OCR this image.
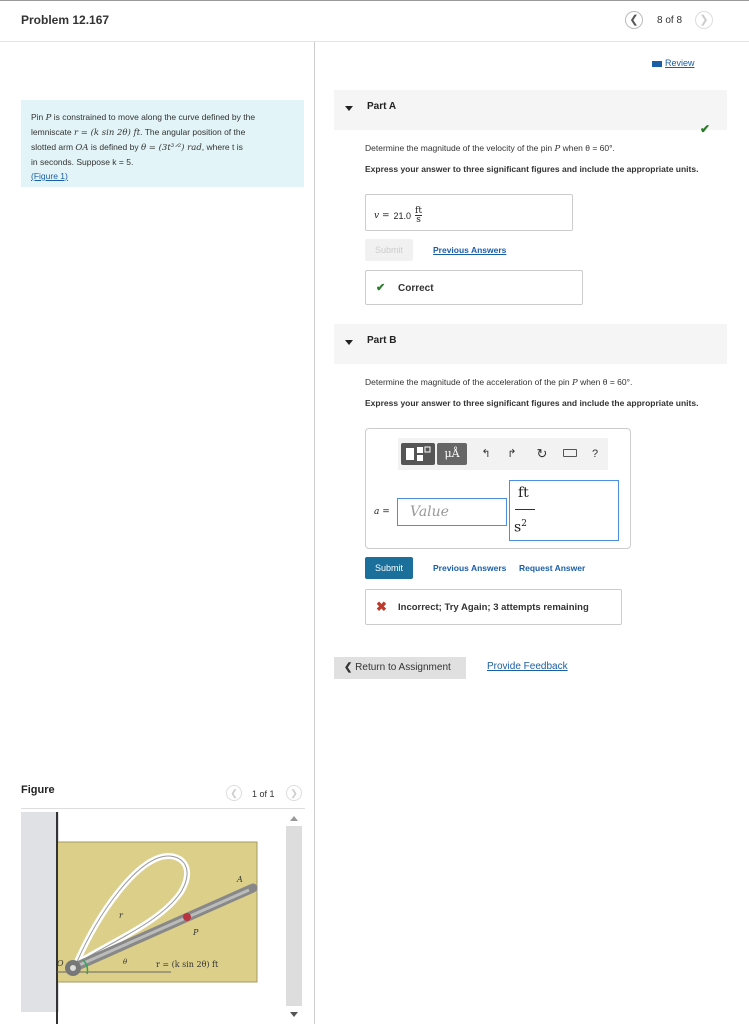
Problem 12.167	❮	8 of 8	❯
Review
Pin P is constrained to move along the curve defined by the
lemniscate r = (k sin 2θ) ft. The angular position of the
slotted arm OA is defined by θ = (3t³ᐟ²) rad, where t is
in seconds. Suppose k = 5.
(Figure 1)
Part A
✔
Determine the magnitude of the velocity of the pin P when θ = 60°.
Express your answer to three significant figures and include the appropriate units.
$v = 21.0 \frac{ft}{s}$
Submit	Previous Answers
✔ Correct
Part B
Determine the magnitude of the acceleration of the pin P when θ = 60°.
Express your answer to three significant figures and include the appropriate units.
μÅ	↰	↱ ↻	?
a =	Value
ft
$s^2$
Submit	Previous Answers Request Answer
✖ Incorrect; Try Again; 3 attempts remaining
❮ Return to Assignment	Provide Feedback
Figure	❮	1 of 1	❯
A
r
P
O	θ	r = (k sin 2θ) ft
